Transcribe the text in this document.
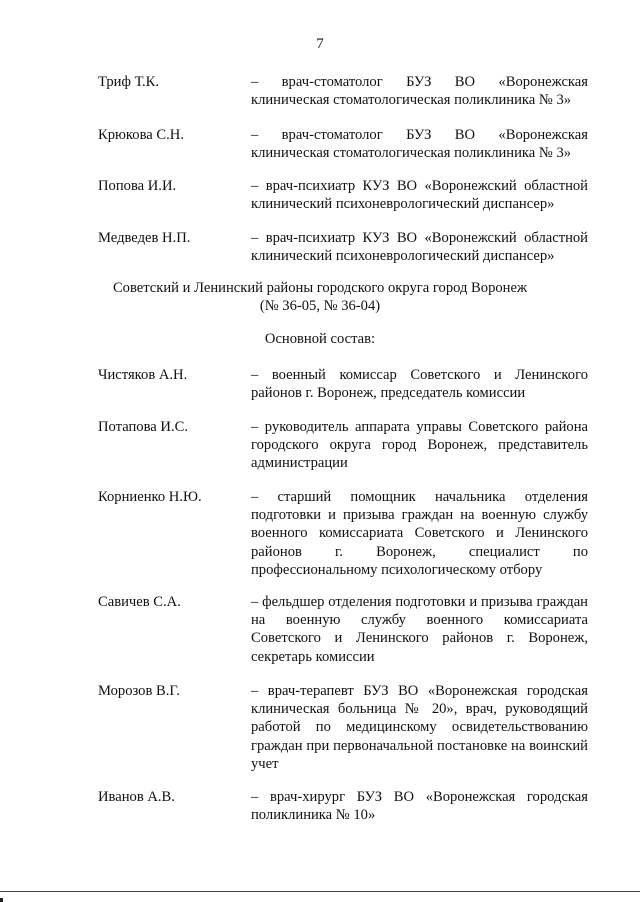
7
Триф Т.К.	– врач-стоматолог БУЗ ВО «Воронежская клиническая стоматологическая поликлиника № 3»
Крюкова С.Н.	– врач-стоматолог БУЗ ВО «Воронежская клиническая стоматологическая поликлиника № 3»
Попова И.И.	– врач-психиатр КУЗ ВО «Воронежский областной клинический психоневрологический диспансер»
Медведев Н.П.	– врач-психиатр КУЗ ВО «Воронежский областной клинический психоневрологический диспансер»
Советский и Ленинский районы городского округа город Воронеж
(№ 36-05, № 36-04)
Основной состав:
Чистяков А.Н.	– военный комиссар Советского и Ленинского районов г. Воронеж, председатель комиссии
Потапова И.С.	– руководитель аппарата управы Советского района городского округа город Воронеж, представитель администрации
Корниенко Н.Ю.	– старший помощник начальника отделения подготовки и призыва граждан на военную службу военного комиссариата Советского и Ленинского районов г. Воронеж, специалист по профессиональному психологическому отбору
Савичев С.А.	– фельдшер отделения подготовки и призыва граждан на военную службу военного комиссариата Советского и Ленинского районов г. Воронеж, секретарь комиссии
Морозов В.Г.	– врач-терапевт БУЗ ВО «Воронежская городская клиническая больница № 20», врач, руководящий работой по медицинскому освидетельствованию граждан при первоначальной постановке на воинский учет
Иванов А.В.	– врач-хирург БУЗ ВО «Воронежская городская поликлиника № 10»
